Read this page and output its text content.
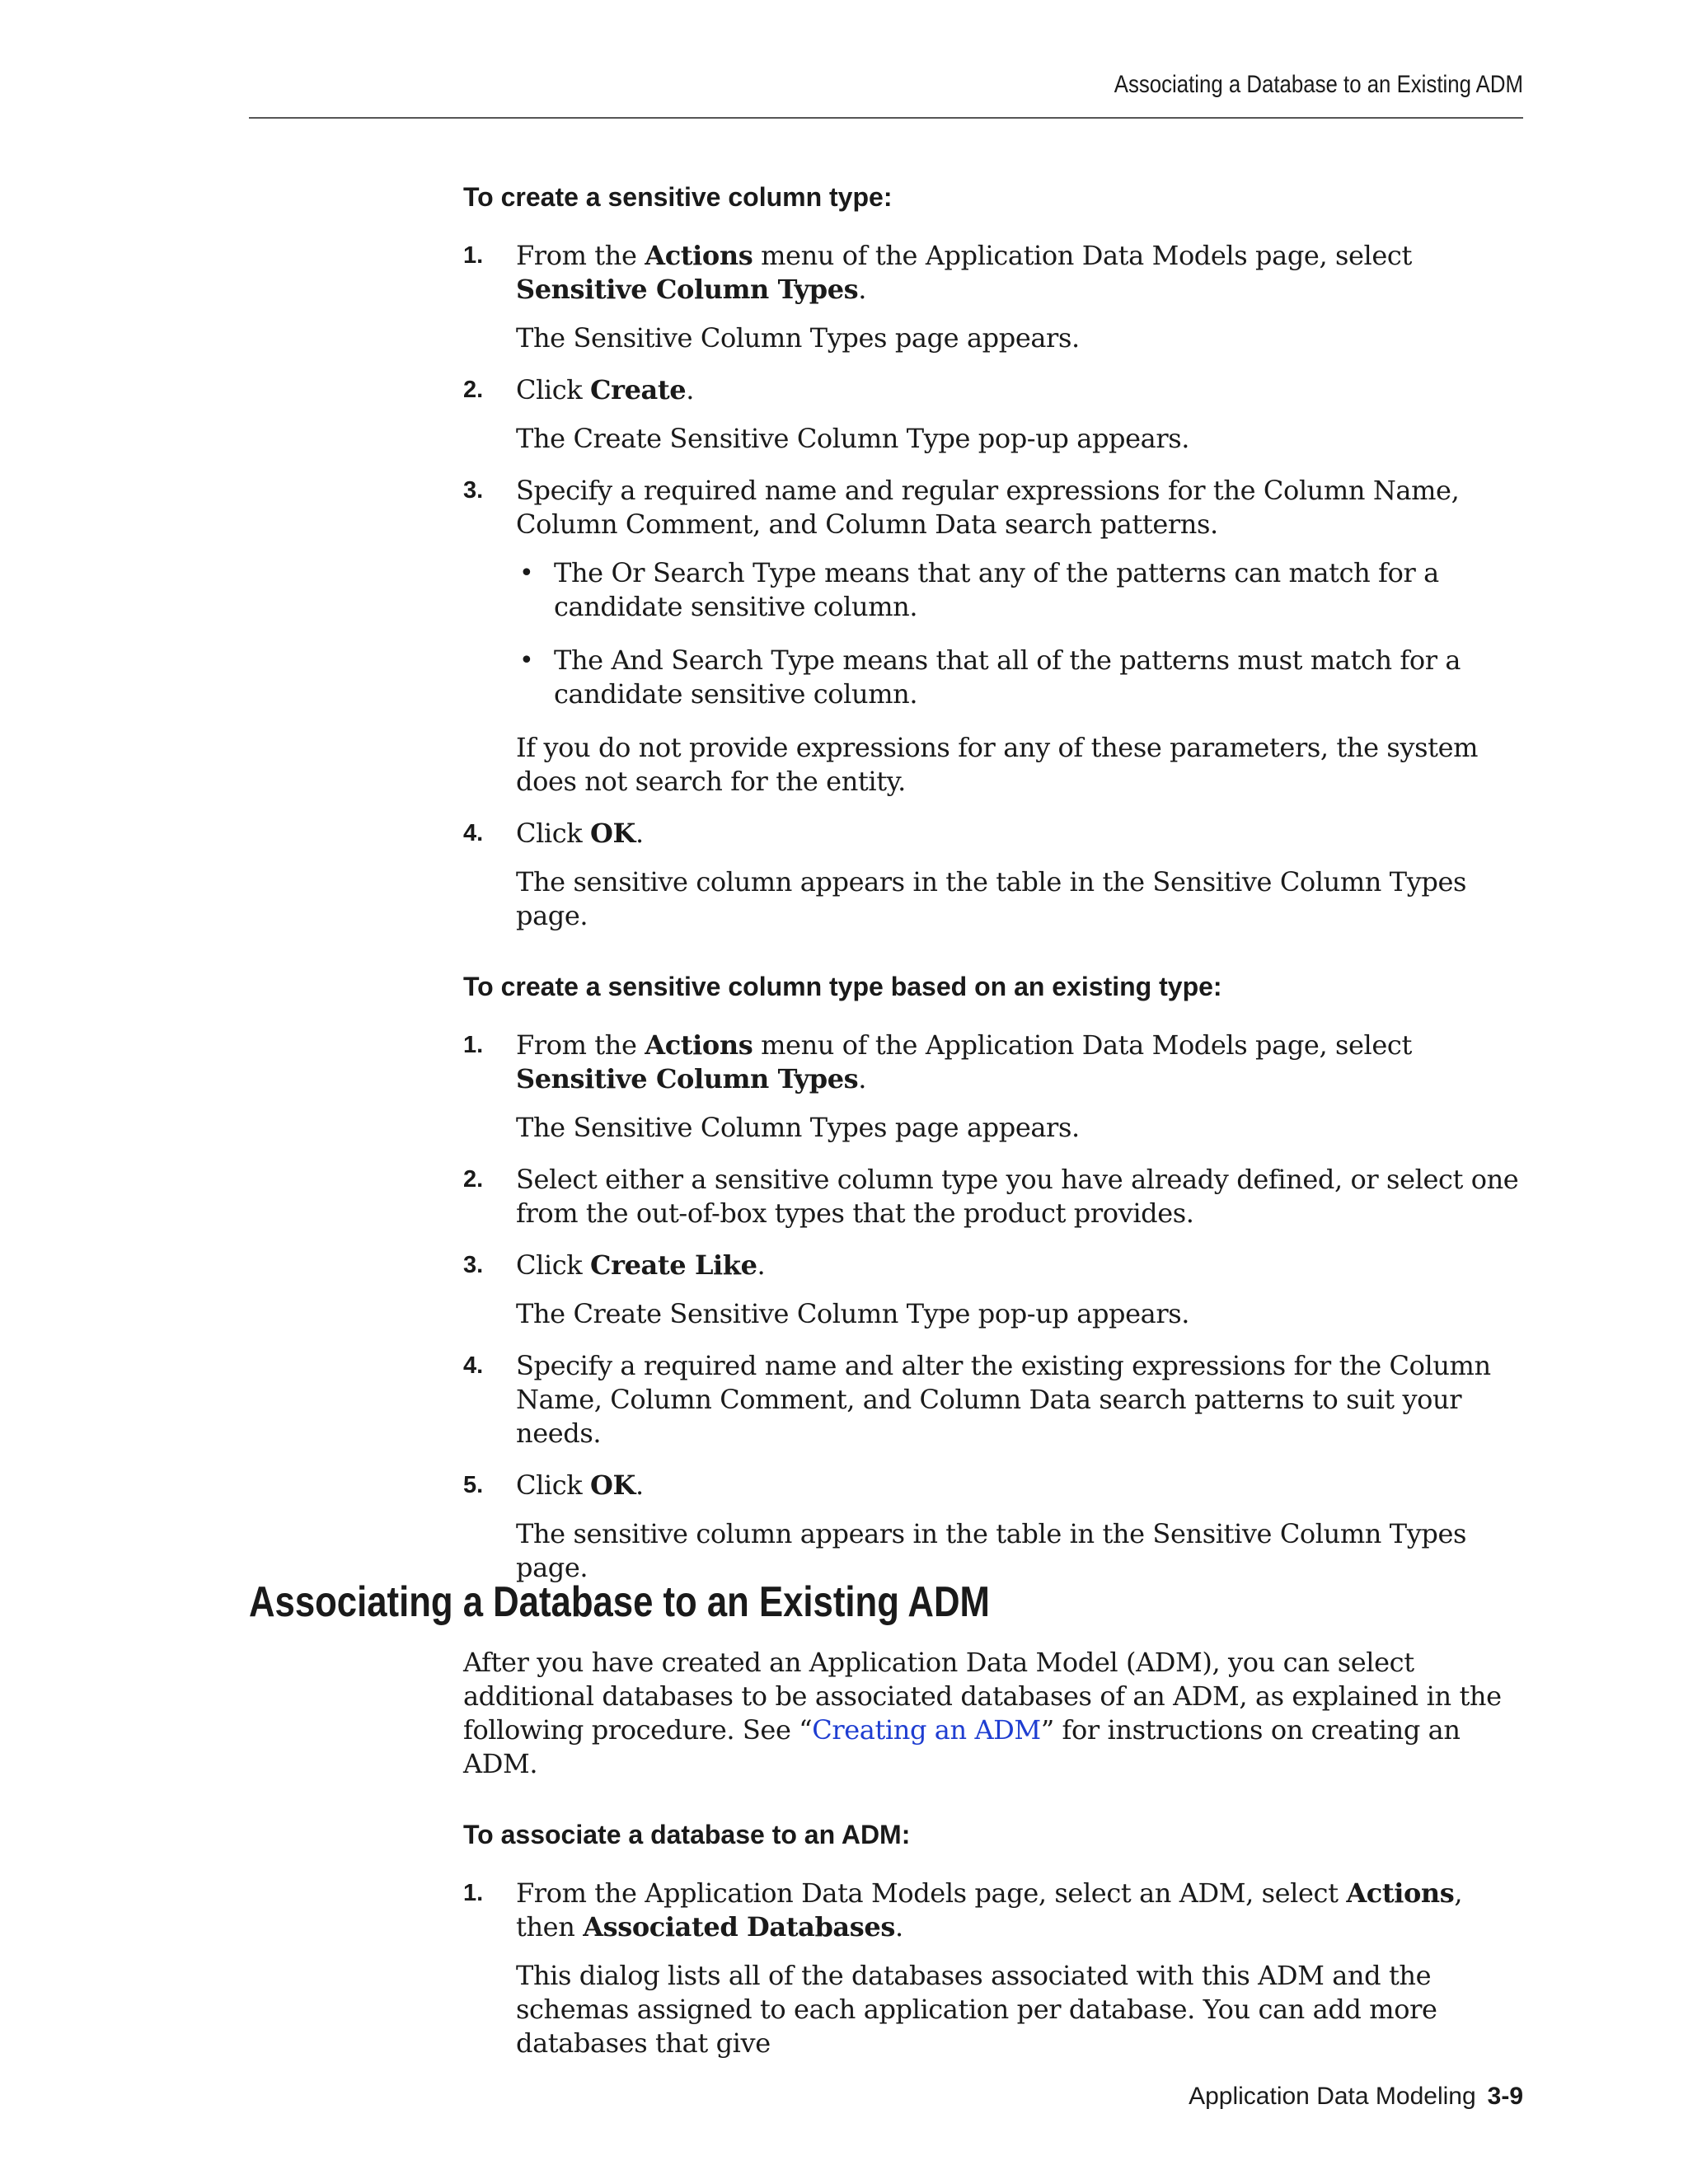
Associating a Database to an Existing ADM
To create a sensitive column type:
1. From the Actions menu of the Application Data Models page, select Sensitive Column Types.

The Sensitive Column Types page appears.

2. Click Create.

The Create Sensitive Column Type pop-up appears.

3. Specify a required name and regular expressions for the Column Name, Column Comment, and Column Data search patterns.

• The Or Search Type means that any of the patterns can match for a candidate sensitive column.

• The And Search Type means that all of the patterns must match for a candidate sensitive column.

If you do not provide expressions for any of these parameters, the system does not search for the entity.

4. Click OK.

The sensitive column appears in the table in the Sensitive Column Types page.

To create a sensitive column type based on an existing type:
1. From the Actions menu of the Application Data Models page, select Sensitive Column Types.

The Sensitive Column Types page appears.

2. Select either a sensitive column type you have already defined, or select one from the out-of-box types that the product provides.

3. Click Create Like.

The Create Sensitive Column Type pop-up appears.

4. Specify a required name and alter the existing expressions for the Column Name, Column Comment, and Column Data search patterns to suit your needs.

5. Click OK.

The sensitive column appears in the table in the Sensitive Column Types page.

Associating a Database to an Existing ADM

After you have created an Application Data Model (ADM), you can select additional databases to be associated databases of an ADM, as explained in the following procedure. See “Creating an ADM” for instructions on creating an ADM.

To associate a database to an ADM:
1. From the Application Data Models page, select an ADM, select Actions, then Associated Databases.

This dialog lists all of the databases associated with this ADM and the schemas assigned to each application per database. You can add more databases that give

Application Data Modeling 3-9
